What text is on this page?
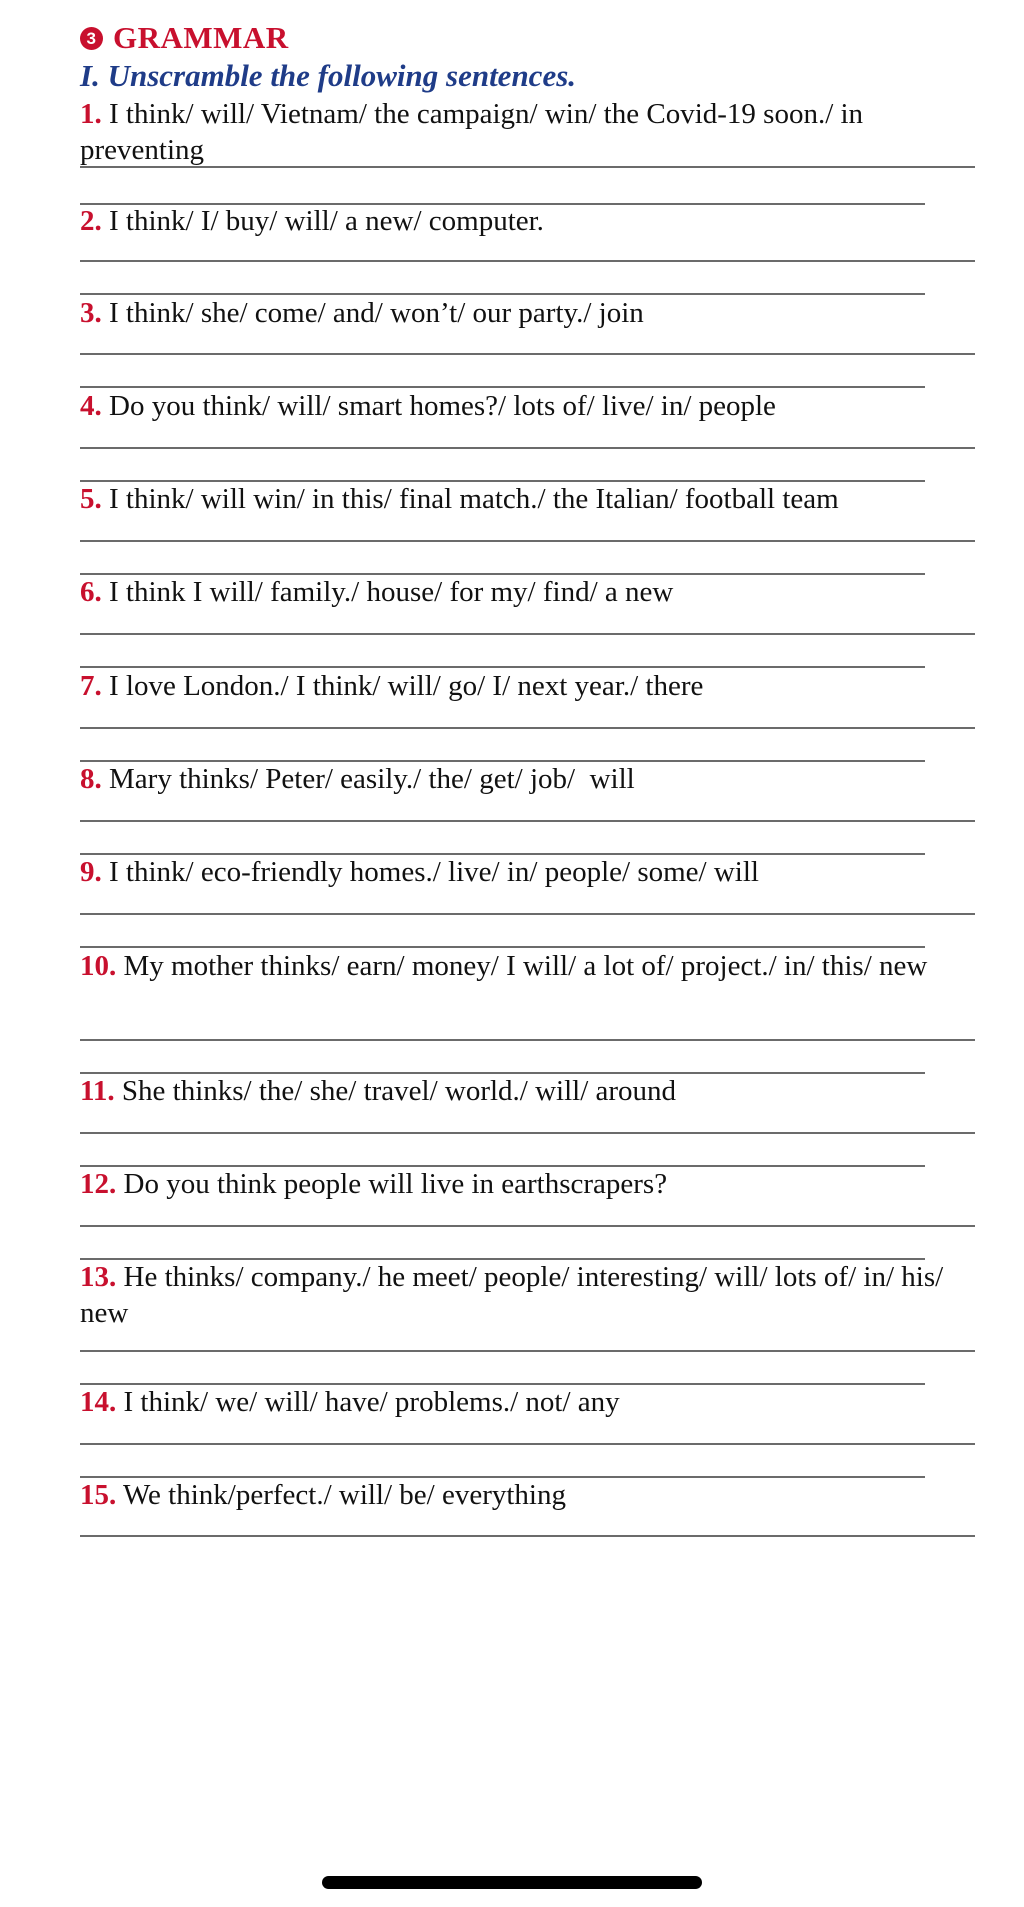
3 GRAMMAR

I. Unscramble the following sentences.

1. I think/ will/ Vietnam/ the campaign/ win/ the Covid-19 soon./ in preventing

2. I think/ I/ buy/ will/ a new/ computer.

3. I think/ she/ come/ and/ won’t/ our party./ join

4. Do you think/ will/ smart homes?/ lots of/ live/ in/ people

5. I think/ will win/ in this/ final match./ the Italian/ football team

6. I think I will/ family./ house/ for my/ find/ a new

7. I love London./ I think/ will/ go/ I/ next year./ there

8. Mary thinks/ Peter/ easily./ the/ get/ job/  will

9. I think/ eco-friendly homes./ live/ in/ people/ some/ will

10. My mother thinks/ earn/ money/ I will/ a lot of/ project./ in/ this/ new

11. She thinks/ the/ she/ travel/ world./ will/ around

12. Do you think people will live in earthscrapers?

13. He thinks/ company./ he meet/ people/ interesting/ will/ lots of/ in/ his/ new

14. I think/ we/ will/ have/ problems./ not/ any

15. We think/perfect./ will/ be/ everything
